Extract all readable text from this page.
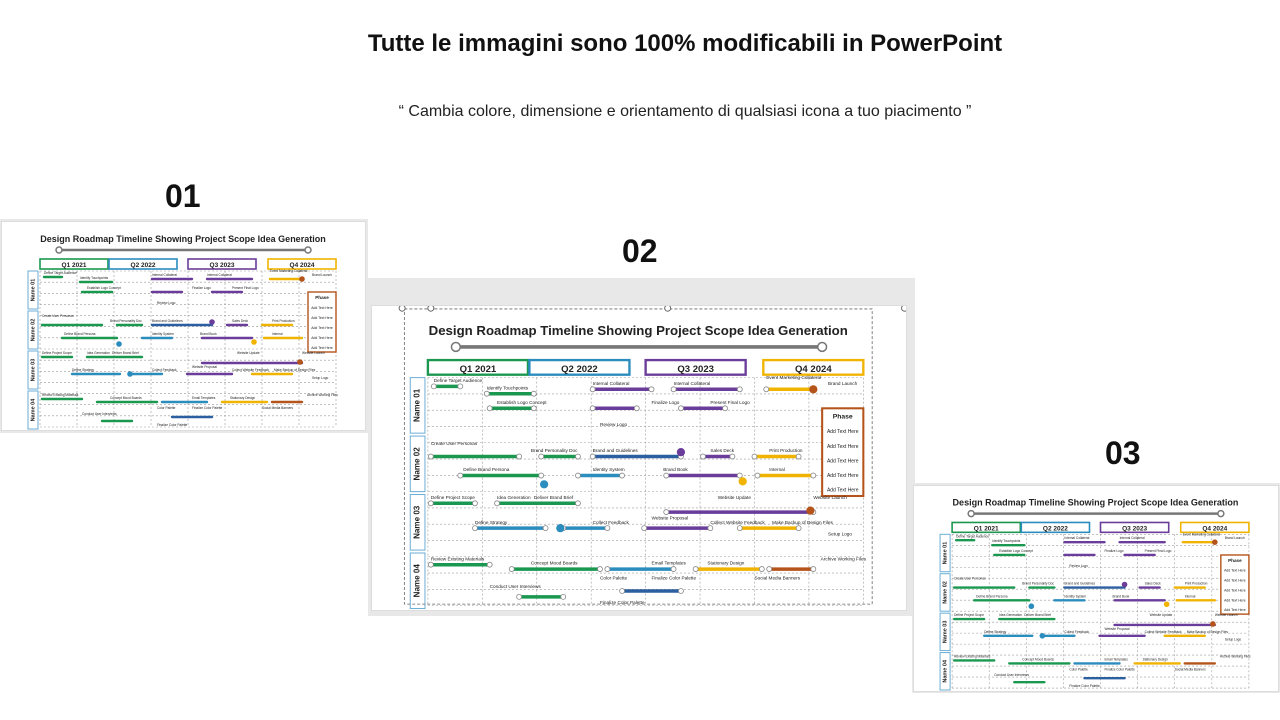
Tutte le immagini sono 100% modificabili in PowerPoint
“ Cambia colore, dimensione e orientamento di qualsiasi icona a tuo piacimento ”
01
02
03
Design Roadmap Timeline Showing Project Scope Idea Generation
Q1 2021	Q2 2022	Q3 2023	Q4 2024
Name 01
Name 02
Name 03
Name 04
Phase
Add Text Here
Add Text Here
Add Text Here
Add Text Here
Add Text Here
Define Target Audience
Identify Touchpoints
Internal Collateral	Internal Collateral
Event Marketing Collateral
Brand Launch
Establish Logo Concept	Finalize Logo
Review Logo
Present Final Logo
Create User Personas
Brand Personality Doc	Brand and Guidelines	Sales Deck	Print Production
Define Brand Persona	Identity System	Brand Book	Internal
Define Project Scope	Idea Generation Deliver Brand Brief	Website Update	Website Launch
Website Proposal
Define Strategy	Collect Feedback	Collect Website Feedback Make Backup of Design Files
Setup Logo
Review Existing Materials
Concept Mood Boards	Email Templates	Stationary Design
Archive Working Files
Color Palette	Finalize Color Palette	Social Media Banners
Conduct User Interviews
Finalize Color Palette
Design Roadmap Timeline Showing Project Scope Idea Generation
Q1 2021	Q2 2022	Q3 2023	Q4 2024
Name 01
Name 02
Name 03
Name 04
Phase
Add Text Here
Add Text Here
Add Text Here
Add Text Here
Add Text Here
Define Target Audience
Identify Touchpoints
Internal Collateral	Internal Collateral
Event Marketing Collateral
Brand Launch
Establish Logo Concept	Finalize Logo
Review Logo
Present Final Logo
Create User Personas
Brand Personality Doc	Brand and Guidelines	Sales Deck	Print Production
Define Brand Persona	Identity System	Brand Book	Internal
Define Project Scope	Idea Generation Deliver Brand Brief	Website Update	Website Launch
Website Proposal
Define Strategy	Collect Feedback	Collect Website Feedback Make Backup of Design Files
Setup Logo
Review Existing Materials
Concept Mood Boards	Email Templates	Stationary Design
Archive Working Files
Color Palette	Finalize Color Palette	Social Media Banners
Conduct User Interviews
Finalize Color Palette
Design Roadmap Timeline Showing Project Scope Idea Generation
Q1 2021	Q2 2022	Q3 2023	Q4 2024
Name 01
Name 02
Name 03
Name 04
Phase
Add Text Here
Add Text Here
Add Text Here
Add Text Here
Add Text Here
Define Target Audience
Identify Touchpoints
Internal Collateral	Internal Collateral
Event Marketing Collateral
Brand Launch
Establish Logo Concept	Finalize Logo
Review Logo
Present Final Logo
Create User Personas
Brand Personality Doc	Brand and Guidelines	Sales Deck	Print Production
Define Brand Persona	Identity System	Brand Book	Internal
Define Project Scope	Idea Generation Deliver Brand Brief	Website Update	Website Launch
Website Proposal
Define Strategy	Collect Feedback	Collect Website Feedback Make Backup of Design Files
Setup Logo
Review Existing Materials
Concept Mood Boards	Email Templates	Stationary Design
Archive Working Files
Color Palette	Finalize Color Palette	Social Media Banners
Conduct User Interviews
Finalize Color Palette
